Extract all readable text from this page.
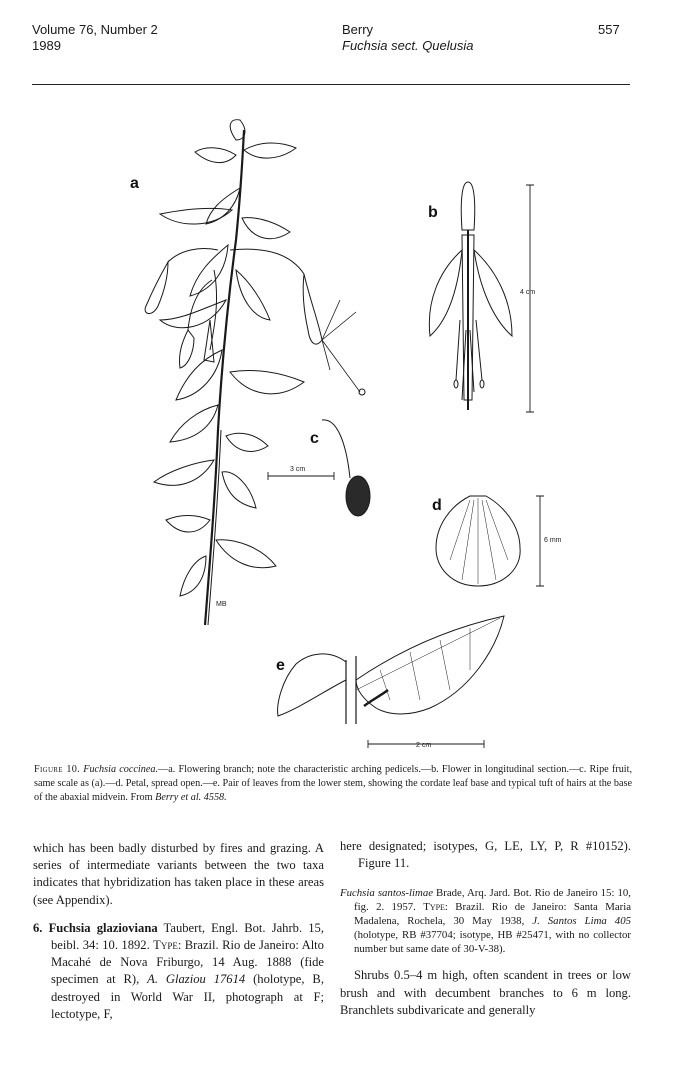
Volume 76, Number 2
1989
Berry
Fuchsia sect. Quelusia
557
MB
4 cm
3 cm
6 mm
2 cm
a
b
c
d
e
Figure 10. Fuchsia coccinea.—a. Flowering branch; note the characteristic arching pedicels.—b. Flower in longitudinal section.—c. Ripe fruit, same scale as (a).—d. Petal, spread open.—e. Pair of leaves from the lower stem, showing the cordate leaf base and typical tuft of hairs at the base of the abaxial midvein. From Berry et al. 4558.

which has been badly disturbed by fires and grazing. A series of intermediate variants between the two taxa indicates that hybridization has taken place in these areas (see Appendix).

6. Fuchsia glazioviana Taubert, Engl. Bot. Jahrb. 15, beibl. 34: 10. 1892. Type: Brazil. Rio de Janeiro: Alto Macahé de Nova Friburgo, 14 Aug. 1888 (fide specimen at R), A. Glaziou 17614 (holotype, B, destroyed in World War II, photograph at F; lectotype, F,

here designated; isotypes, G, LE, LY, P, R #10152). Figure 11.

Fuchsia santos-limae Brade, Arq. Jard. Bot. Rio de Janeiro 15: 10, fig. 2. 1957. Type: Brazil. Rio de Janeiro: Santa Maria Madalena, Rochela, 30 May 1938, J. Santos Lima 405 (holotype, RB #37704; isotype, HB #25471, with no collector number but same date of 30-V-38).

Shrubs 0.5–4 m high, often scandent in trees or low brush and with decumbent branches to 6 m long. Branchlets subdivaricate and generally
